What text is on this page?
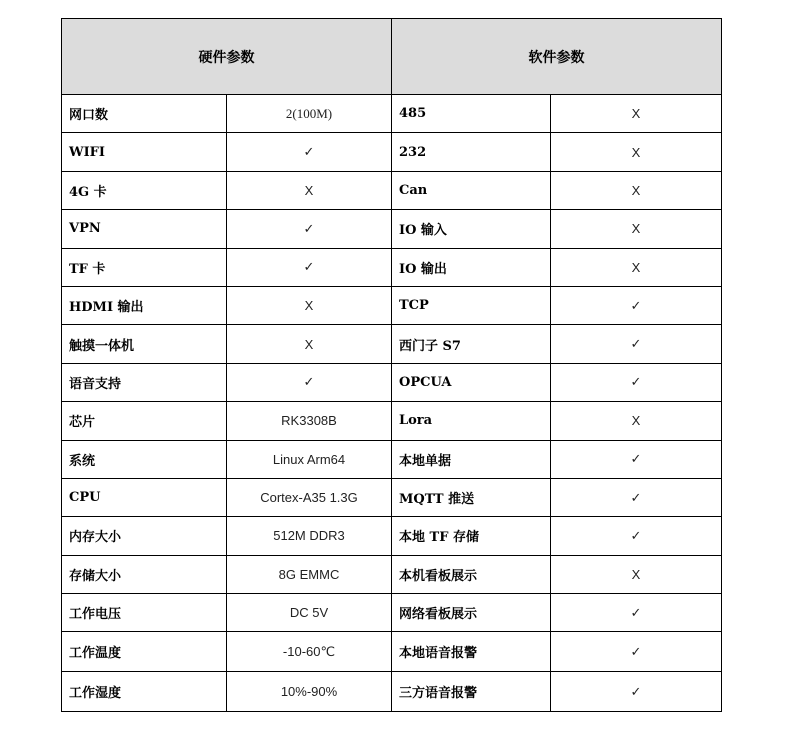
硬件参数		软件参数	
网口数	2(100M)	485	X
WIFI	✓	232	X
4G 卡	X	Can	X
VPN	✓	IO 输入	X
TF 卡	✓	IO 输出	X
HDMI 输出	X	TCP	✓
触摸一体机	X	西门子 S7	✓
语音支持	✓	OPCUA	✓
芯片	RK3308B	Lora	X
系统	Linux Arm64	本地单据	✓
CPU	Cortex-A35 1.3G	MQTT 推送	✓
内存大小	512M DDR3	本地 TF 存储	✓
存储大小	8G EMMC	本机看板展示	X
工作电压	DC 5V	网络看板展示	✓
工作温度	-10-60℃	本地语音报警	✓
工作湿度	10%-90%	三方语音报警	✓
